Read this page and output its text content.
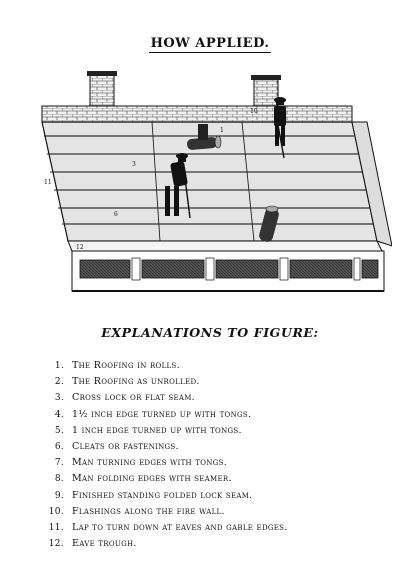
HOW APPLIED.
10
11
12
6
1
3
EXPLANATIONS TO FIGURE:
1. The Roofing in rolls.
2. The Roofing as unrolled.
3. Cross lock or flat seam.
4. 1½ inch edge turned up with tongs.
5. 1 inch edge turned up with tongs.
6. Cleats or fastenings.
7. Man turning edges with tongs.
8. Man folding edges with seamer.
9. Finished standing folded lock seam.
10. Flashings along the fire wall.
11. Lap to turn down at eaves and gable edges.
12. Eave trough.
